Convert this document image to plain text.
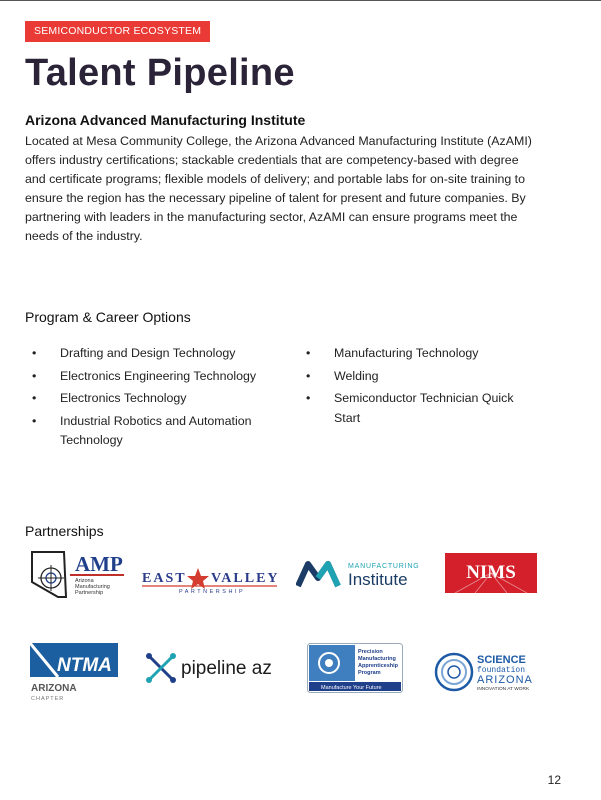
SEMICONDUCTOR ECOSYSTEM
Talent Pipeline
Arizona Advanced Manufacturing Institute

Located at Mesa Community College, the Arizona Advanced Manufacturing Institute (AzAMI) offers industry certifications; stackable credentials that are competency-based with degree and certificate programs; flexible models of delivery; and portable labs for on-site training to ensure the region has the necessary pipeline of talent for present and future companies. By partnering with leaders in the manufacturing sector, AzAMI can ensure programs meet the needs of the industry.

Program & Career Options
• Drafting and Design Technology
• Electronics Engineering Technology
• Electronics Technology
• Industrial Robotics and Automation Technology
• Manufacturing Technology
• Welding
• Semiconductor Technician Quick Start
Partnerships
AMP
Arizona
Manufacturing
Partnership
EAST VALLEY
PARTNERSHIP
MANUFACTURING
Institute	NIMS
NTMA
ARIZONA
CHAPTER
pipeline az
Precision
Manufacturing
Apprenticeship
Program
Manufacture Your Future
SCIENCE
foundation
ARIZONA
INNOVATION AT WORK
12
